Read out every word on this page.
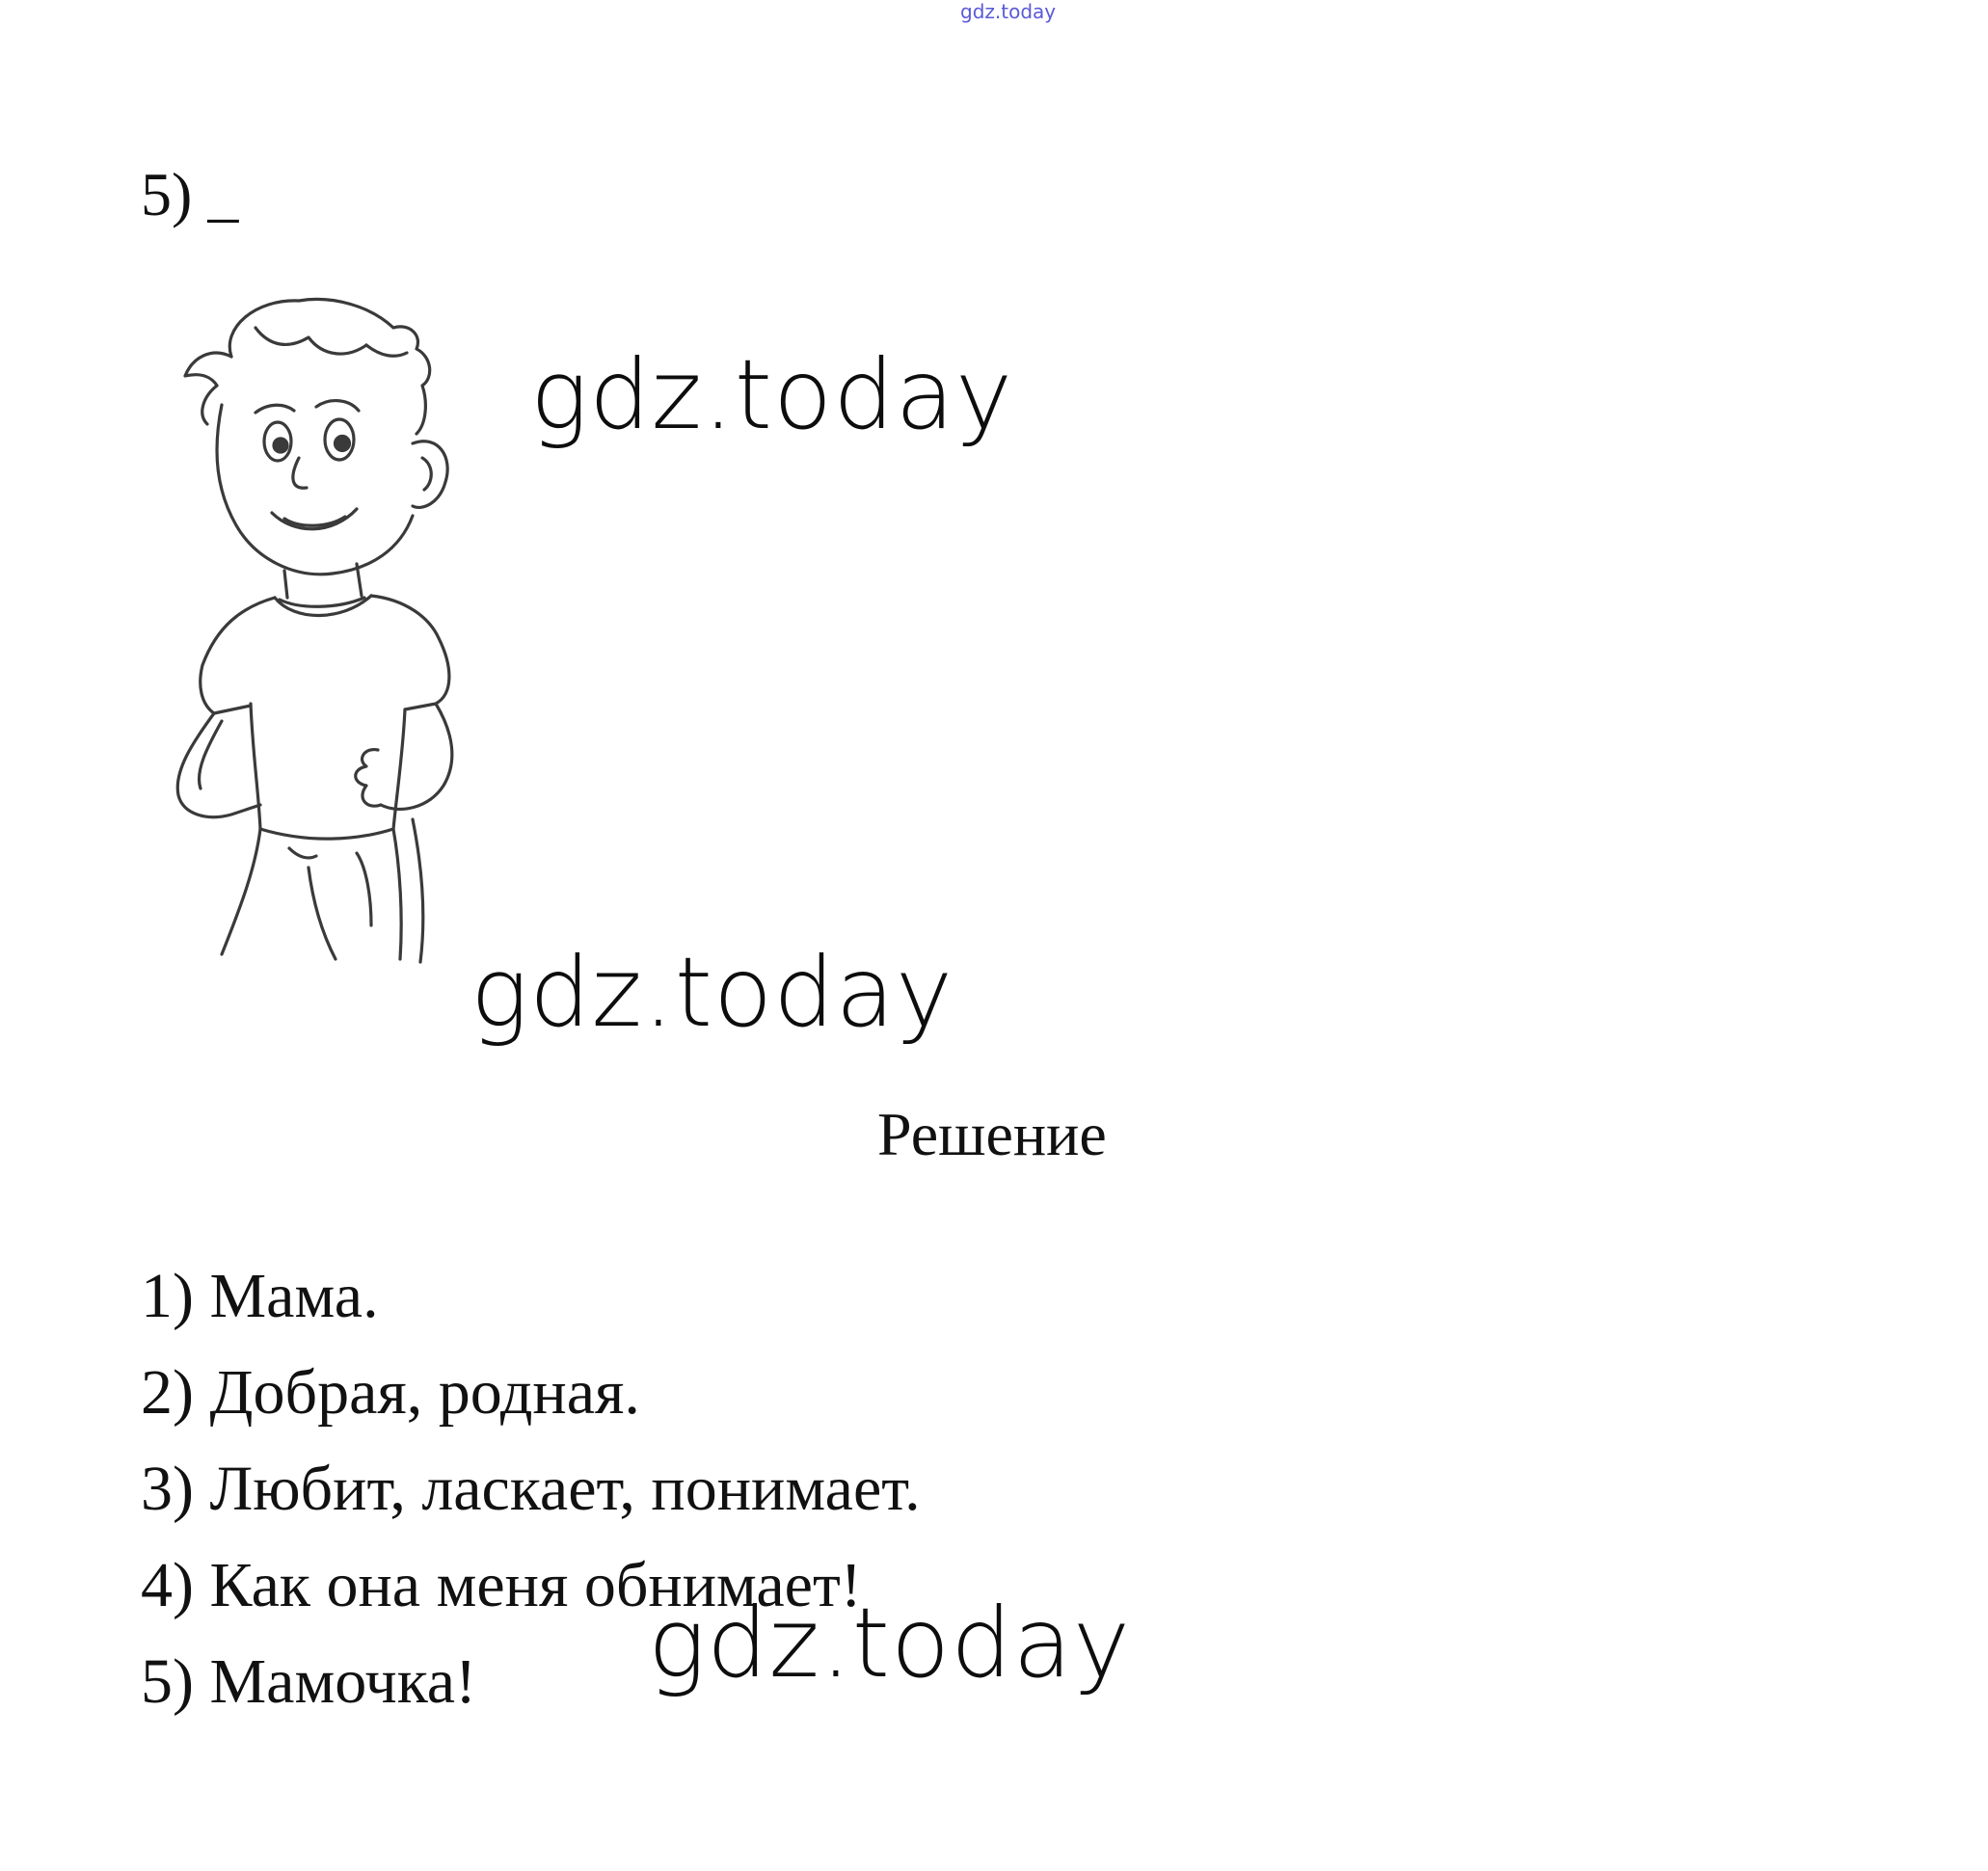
gdz.today
5) _
gdz.today
gdz.today
Решение
1) Мама.
2) Добрая, родная.
3) Любит, ласкает, понимает.
4) Как она меня обнимает!
5) Мамочка!	gdz.today
